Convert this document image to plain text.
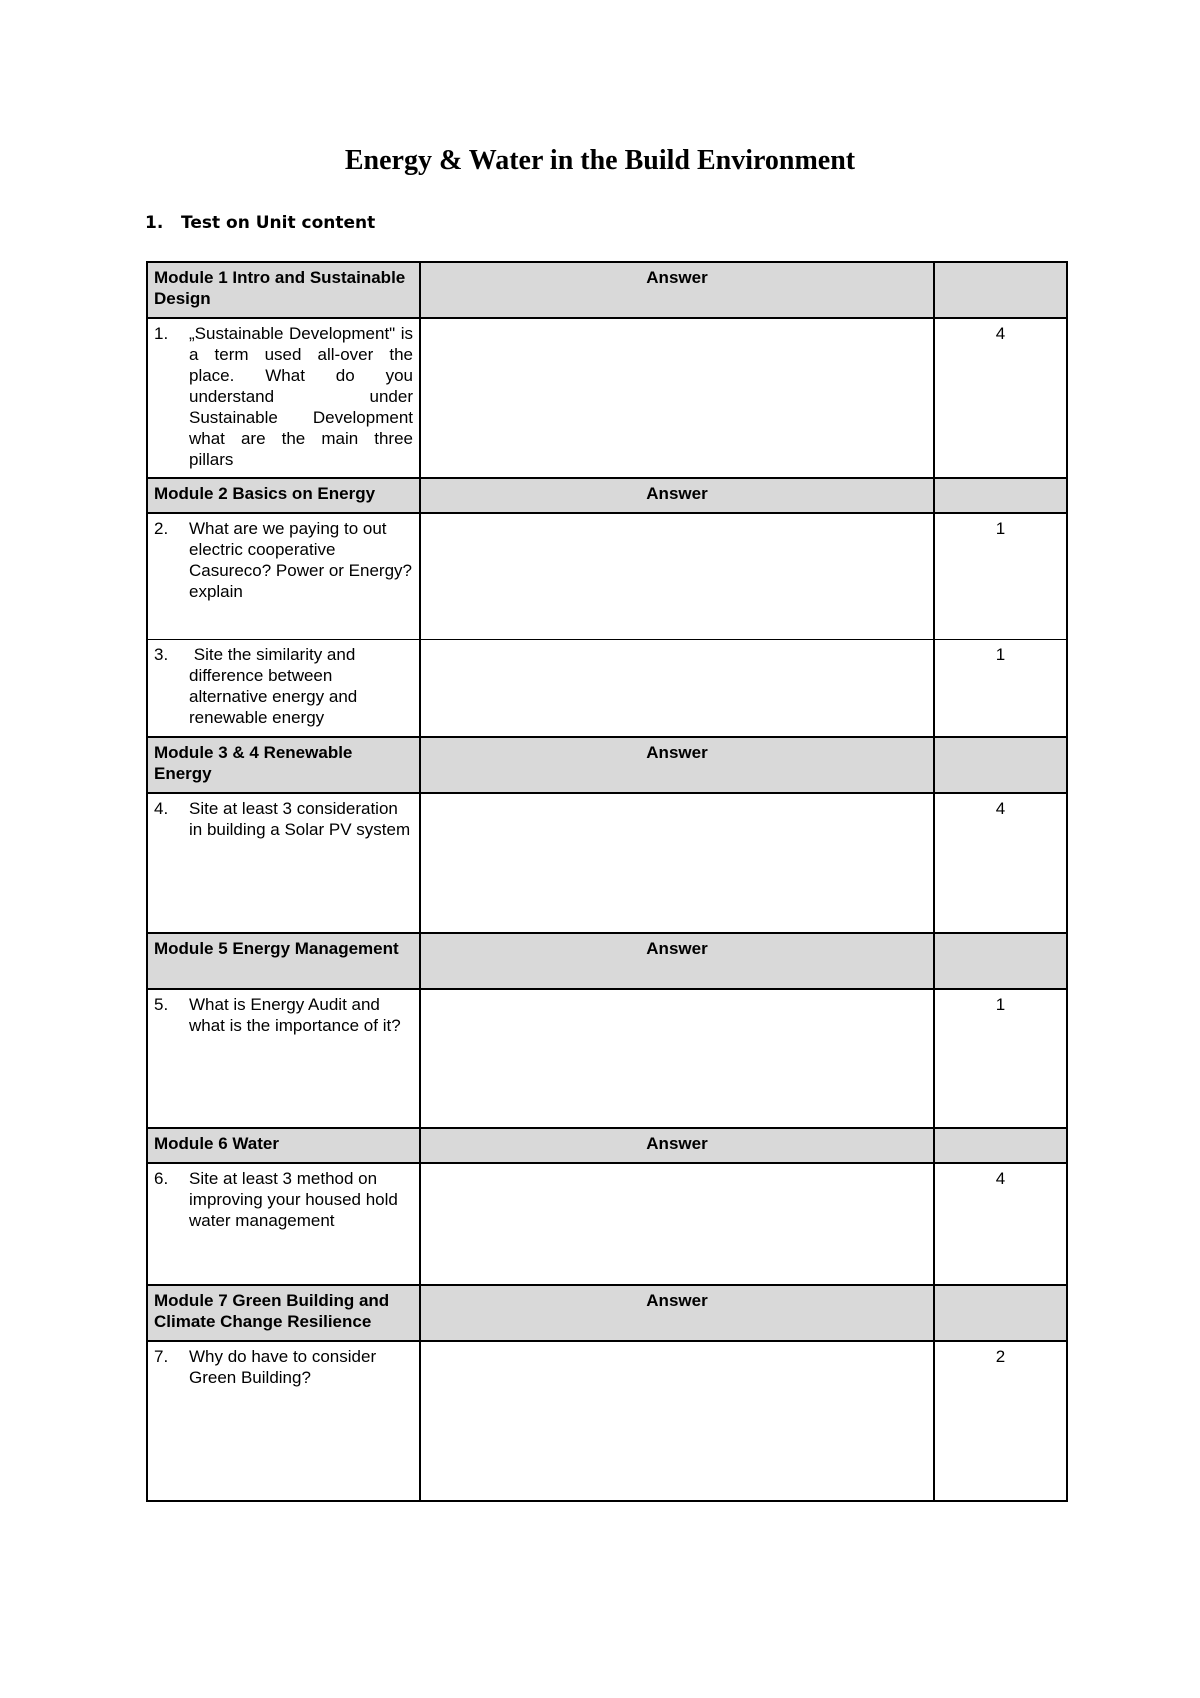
Energy & Water in the Build Environment

1. Test on Unit content

Module 1 Intro and Sustainable Design	Answer	

1. „Sustainable Development" is a term used all-over the place. What do you understand under Sustainable Development what are the main three pillars		4
Module 2 Basics on Energy	Answer	

2. What are we paying to out electric cooperative Casureco? Power or Energy? explain		1

3. Site the similarity and difference between alternative energy and renewable energy		1
Module 3 & 4 Renewable Energy	Answer	

4. Site at least 3 consideration in building a Solar PV system		4
Module 5 Energy Management	Answer	

5. What is Energy Audit and what is the importance of it?		1
Module 6 Water	Answer	

6. Site at least 3 method on improving your housed hold water management		4
Module 7 Green Building and Climate Change Resilience	Answer	

7. Why do have to consider Green Building?		2
